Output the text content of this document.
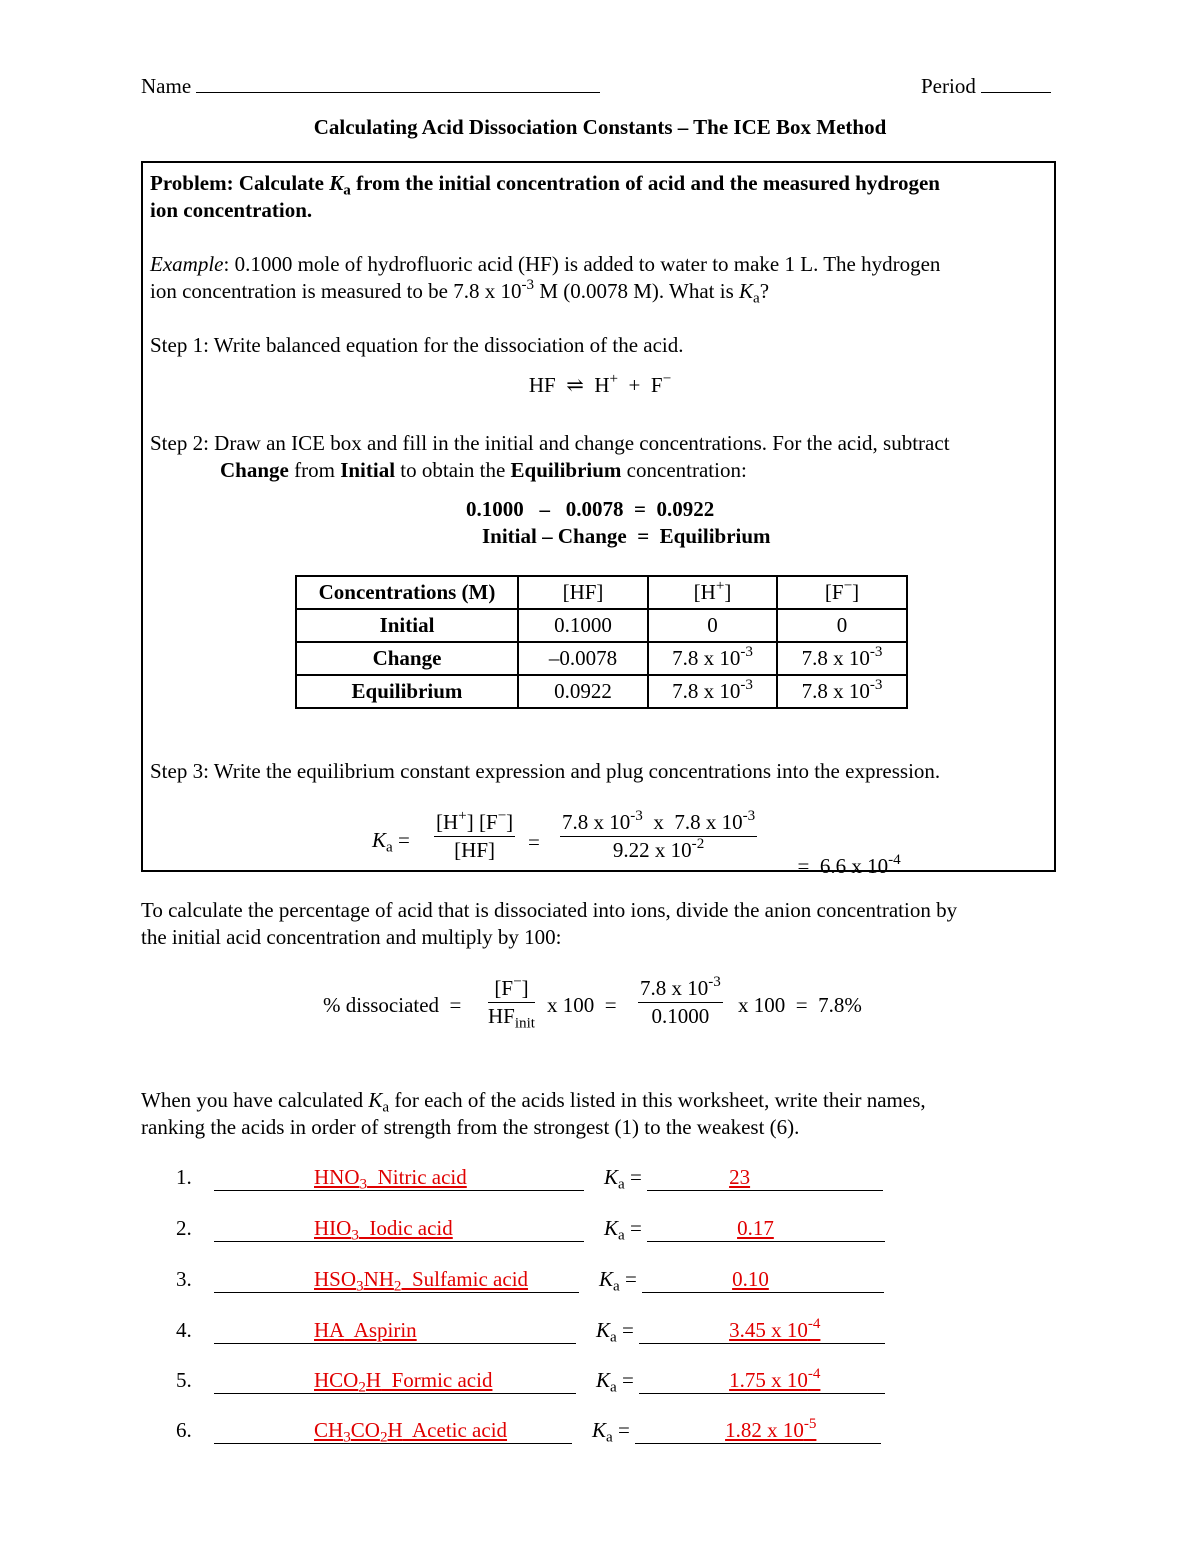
Name	Period
Calculating Acid Dissociation Constants – The ICE Box Method
Problem: Calculate $K_a$ from the initial concentration of acid and the measured hydrogen
ion concentration.
Example: 0.1000 mole of hydrofluoric acid (HF) is added to water to make 1 L. The hydrogen
ion concentration is measured to be 7.8 x $10^{-3}$ M (0.0078 M). What is $K_a$?
Step 1: Write balanced equation for the dissociation of the acid.
HF ⇌ H+ + F−
Step 2: Draw an ICE box and fill in the initial and change concentrations. For the acid, subtract
Change from Initial to obtain the Equilibrium concentration:
0.1000   –   0.0078  =  0.0922
Initial – Change  =  Equilibrium
Concentrations (M)	[HF]	[H+]	[F−]
Initial	0.1000	0	0
Change	–0.0078	7.8 x $10^{-3}$	7.8 x $10^{-3}$
Equilibrium	0.0922	7.8 x $10^{-3}$	7.8 x $10^{-3}$
Step 3: Write the equilibrium constant expression and plug concentrations into the expression.
$K_a = \frac{[H^+] [F^-]}{[HF]} = \frac{7.8 x 10^{-3} x 7.8 x 10^{-3}}{9.22 x 10^{-2}}$

=  6.6 x $10^{-4}$

To calculate the percentage of acid that is dissociated into ions, divide the anion concentration by
the initial acid concentration and multiply by 100:
% dissociated  =
[F−]
$HF_{init}$
x $100 = \frac{7.8 x 10^{-3}}{0.1000}$ x 100  =  7.8%
When you have calculated $K_a$ for each of the acids listed in this worksheet, write their names,
ranking the acids in order of strength from the strongest (1) to the weakest (6).
1.	$HNO_3$  Nitric acid	$K_a$ =	23
2.	$HIO_3$  Iodic acid	$K_a$ =	0.17
3.	$HSO_3NH_2$  Sulfamic acid	$K_a$ =	0.10
4.	HA  Aspirin	$K_a$ =	3.45 x $10^{-4}$
5.	$HCO_2H$  Formic acid	$K_a$ =	1.75 x $10^{-4}$
6.	$CH_3CO_2H$  Acetic acid	$K_a$ =	1.82 x $10^{-5}$
